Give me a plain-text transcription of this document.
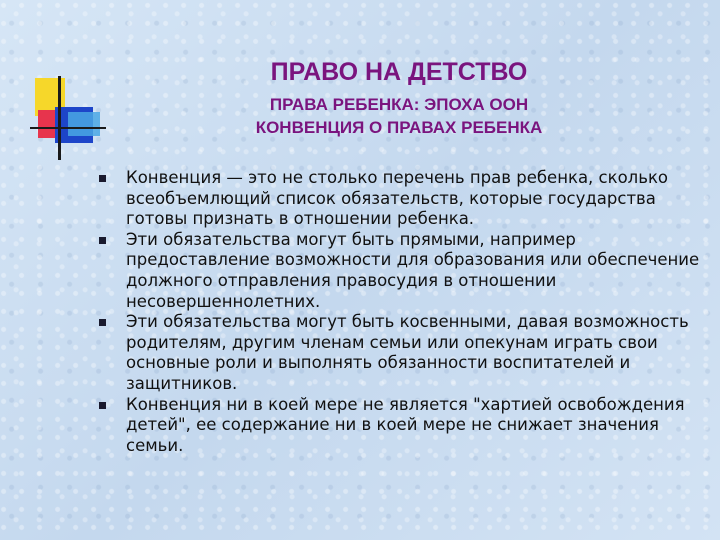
ПРАВО НА ДЕТСТВО
ПРАВА РЕБЕНКА: ЭПОХА ООН
КОНВЕНЦИЯ О ПРАВАХ РЕБЕНКА
Конвенция — это не столько перечень прав ребенка, сколько всеобъемлющий список обязательств, которые государства готовы признать в отношении ребенка.
Эти обязательства могут быть прямыми, например предоставление возможности для образования или обеспечение должного отправления правосудия в отношении несовершеннолетних.
Эти обязательства могут быть косвенными, давая возможность родителям, другим членам семьи или опекунам играть свои основные роли и выполнять обязанности воспитателей и защитников.
Конвенция ни в коей мере не является "хартией освобождения детей", ее содержание ни в коей мере не снижает значения семьи.
